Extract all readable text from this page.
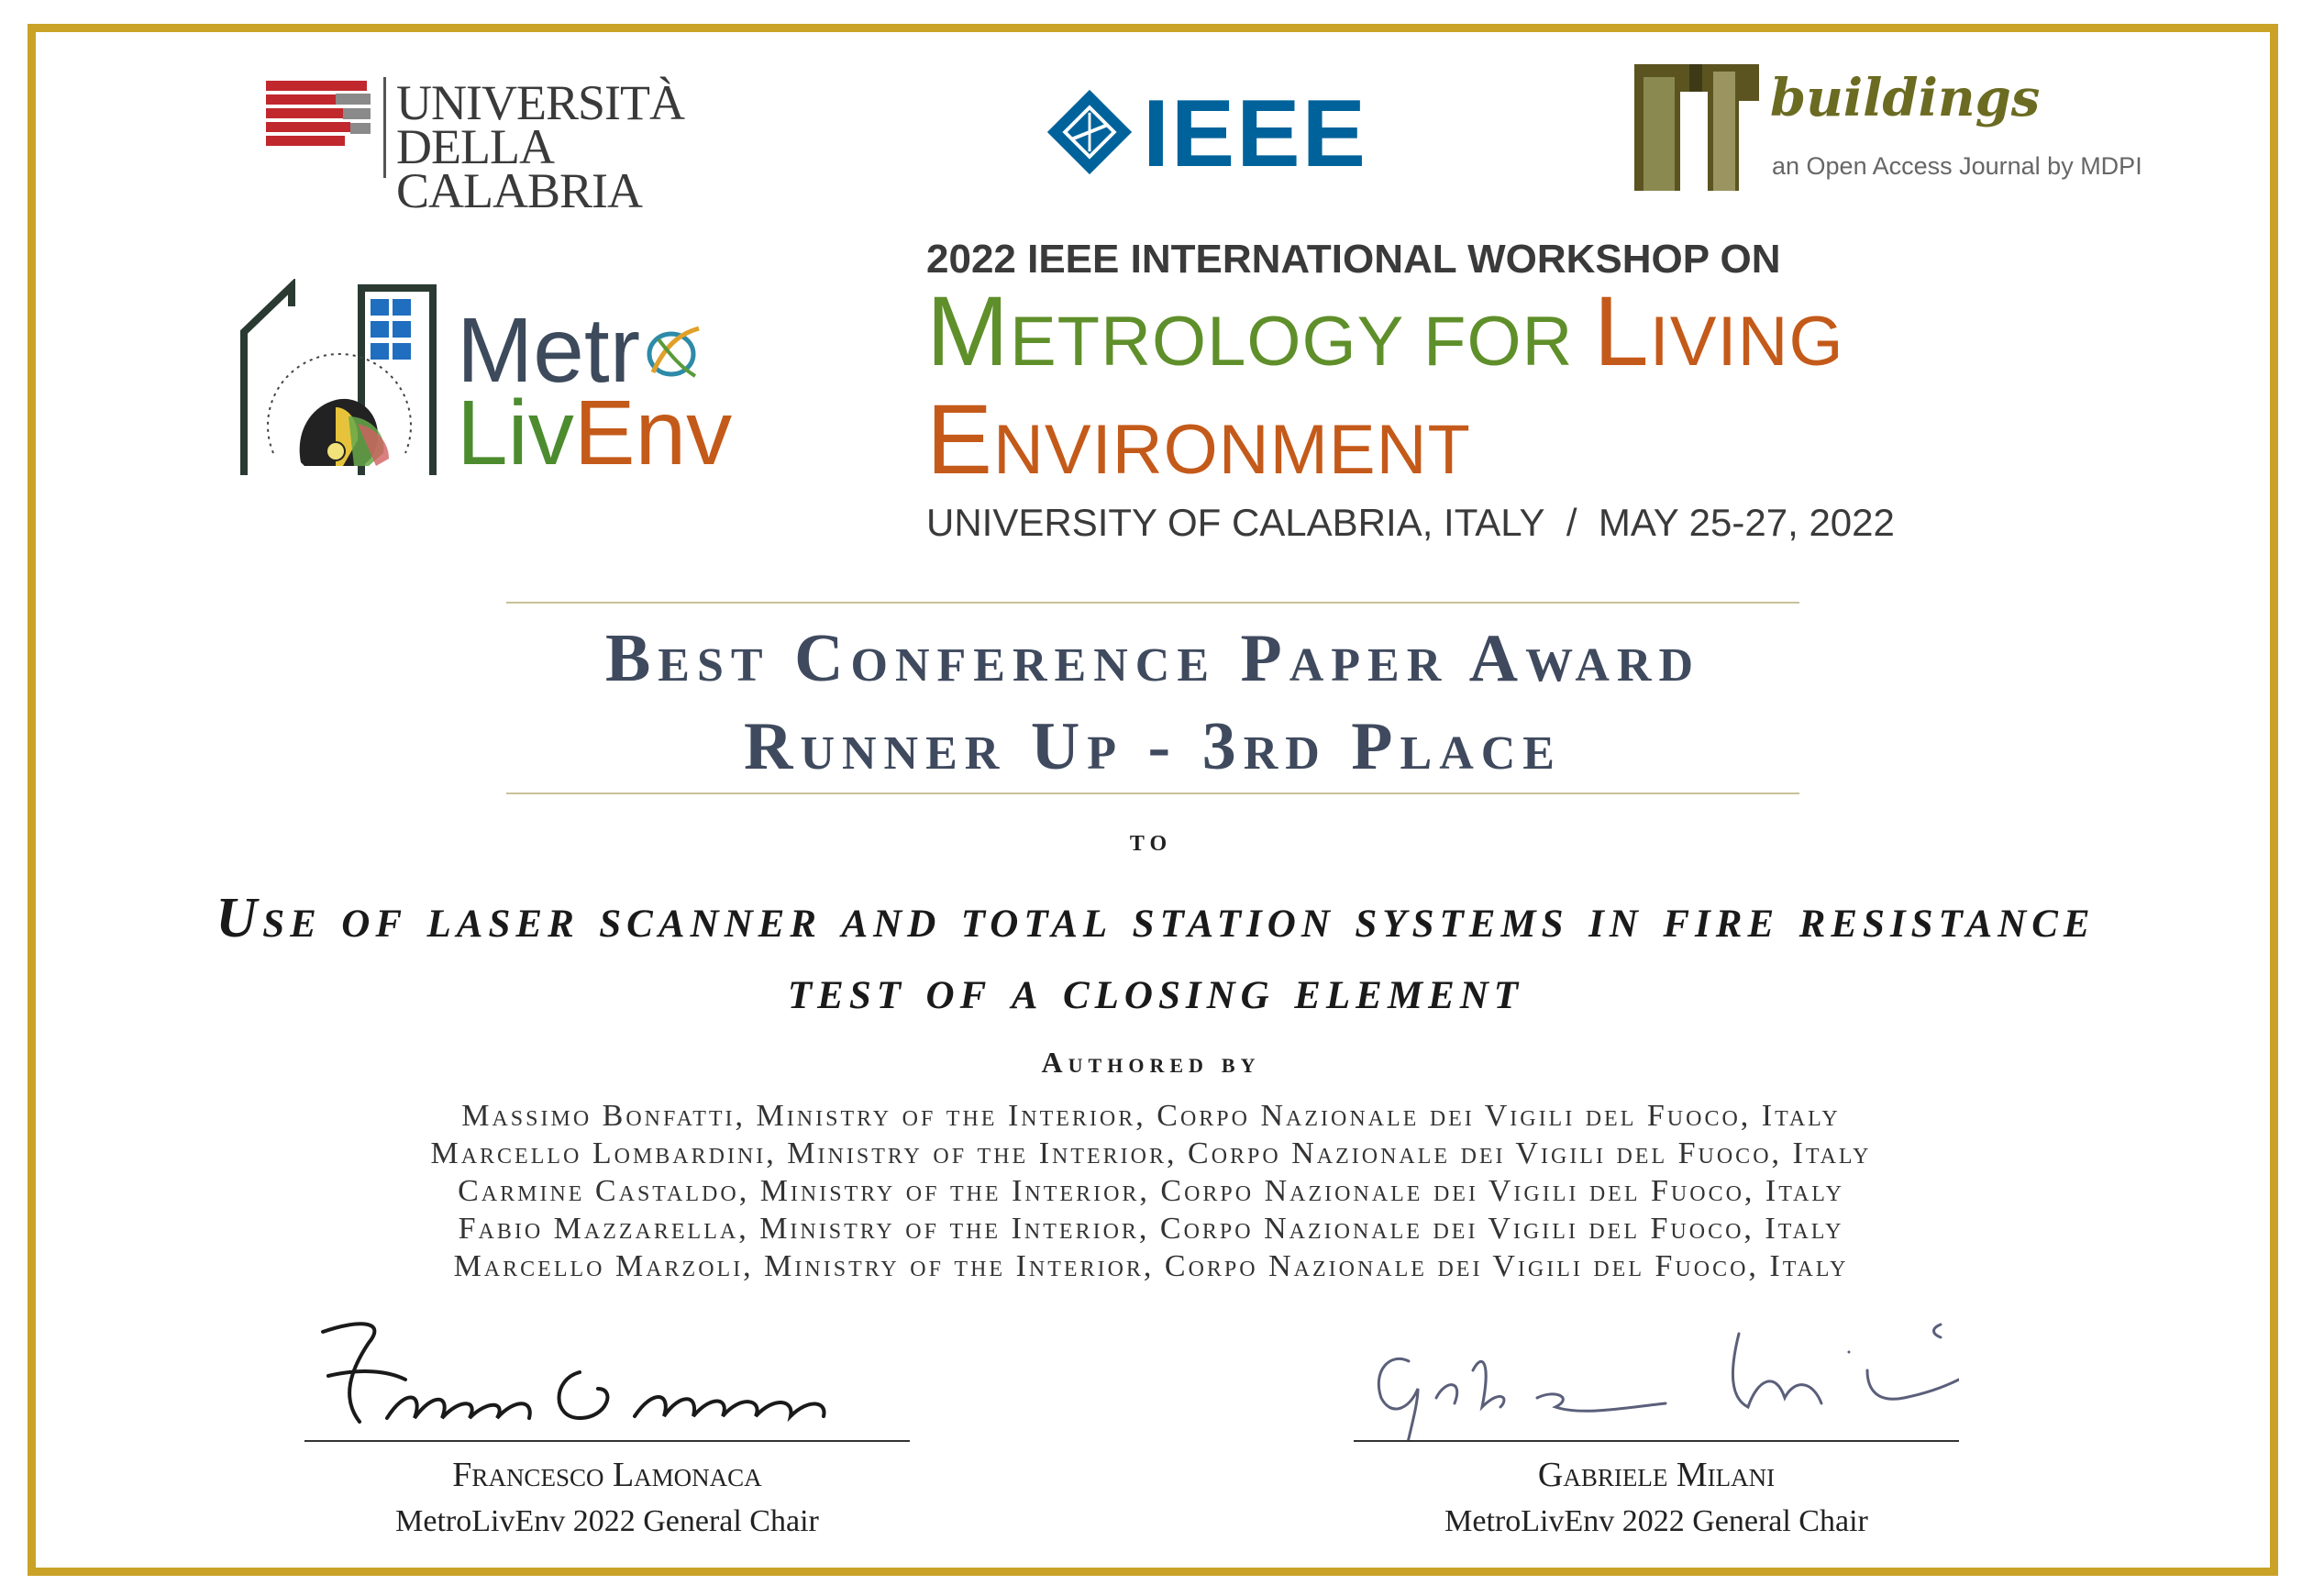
UNIVERSITÀ
DELLA CALABRIA
IEEE	buildings
an Open Access Journal by MDPI
Metr
LivEnv
2022 IEEE INTERNATIONAL WORKSHOP ON
METROLOGY FOR LIVING
ENVIRONMENT
UNIVERSITY OF CALABRIA, ITALY / MAY 25-27, 2022
Best Conference Paper Award
Runner Up - 3rd Place
to
Use of laser scanner and total station systems in fire resistance
test of a closing element
Authored by
Massimo Bonfatti, Ministry of the Interior, Corpo Nazionale dei Vigili del Fuoco, Italy
Marcello Lombardini, Ministry of the Interior, Corpo Nazionale dei Vigili del Fuoco, Italy
Carmine Castaldo, Ministry of the Interior, Corpo Nazionale dei Vigili del Fuoco, Italy
Fabio Mazzarella, Ministry of the Interior, Corpo Nazionale dei Vigili del Fuoco, Italy
Marcello Marzoli, Ministry of the Interior, Corpo Nazionale dei Vigili del Fuoco, Italy
Francesco Lamonaca
MetroLivEnv 2022 General Chair
Gabriele Milani
MetroLivEnv 2022 General Chair
